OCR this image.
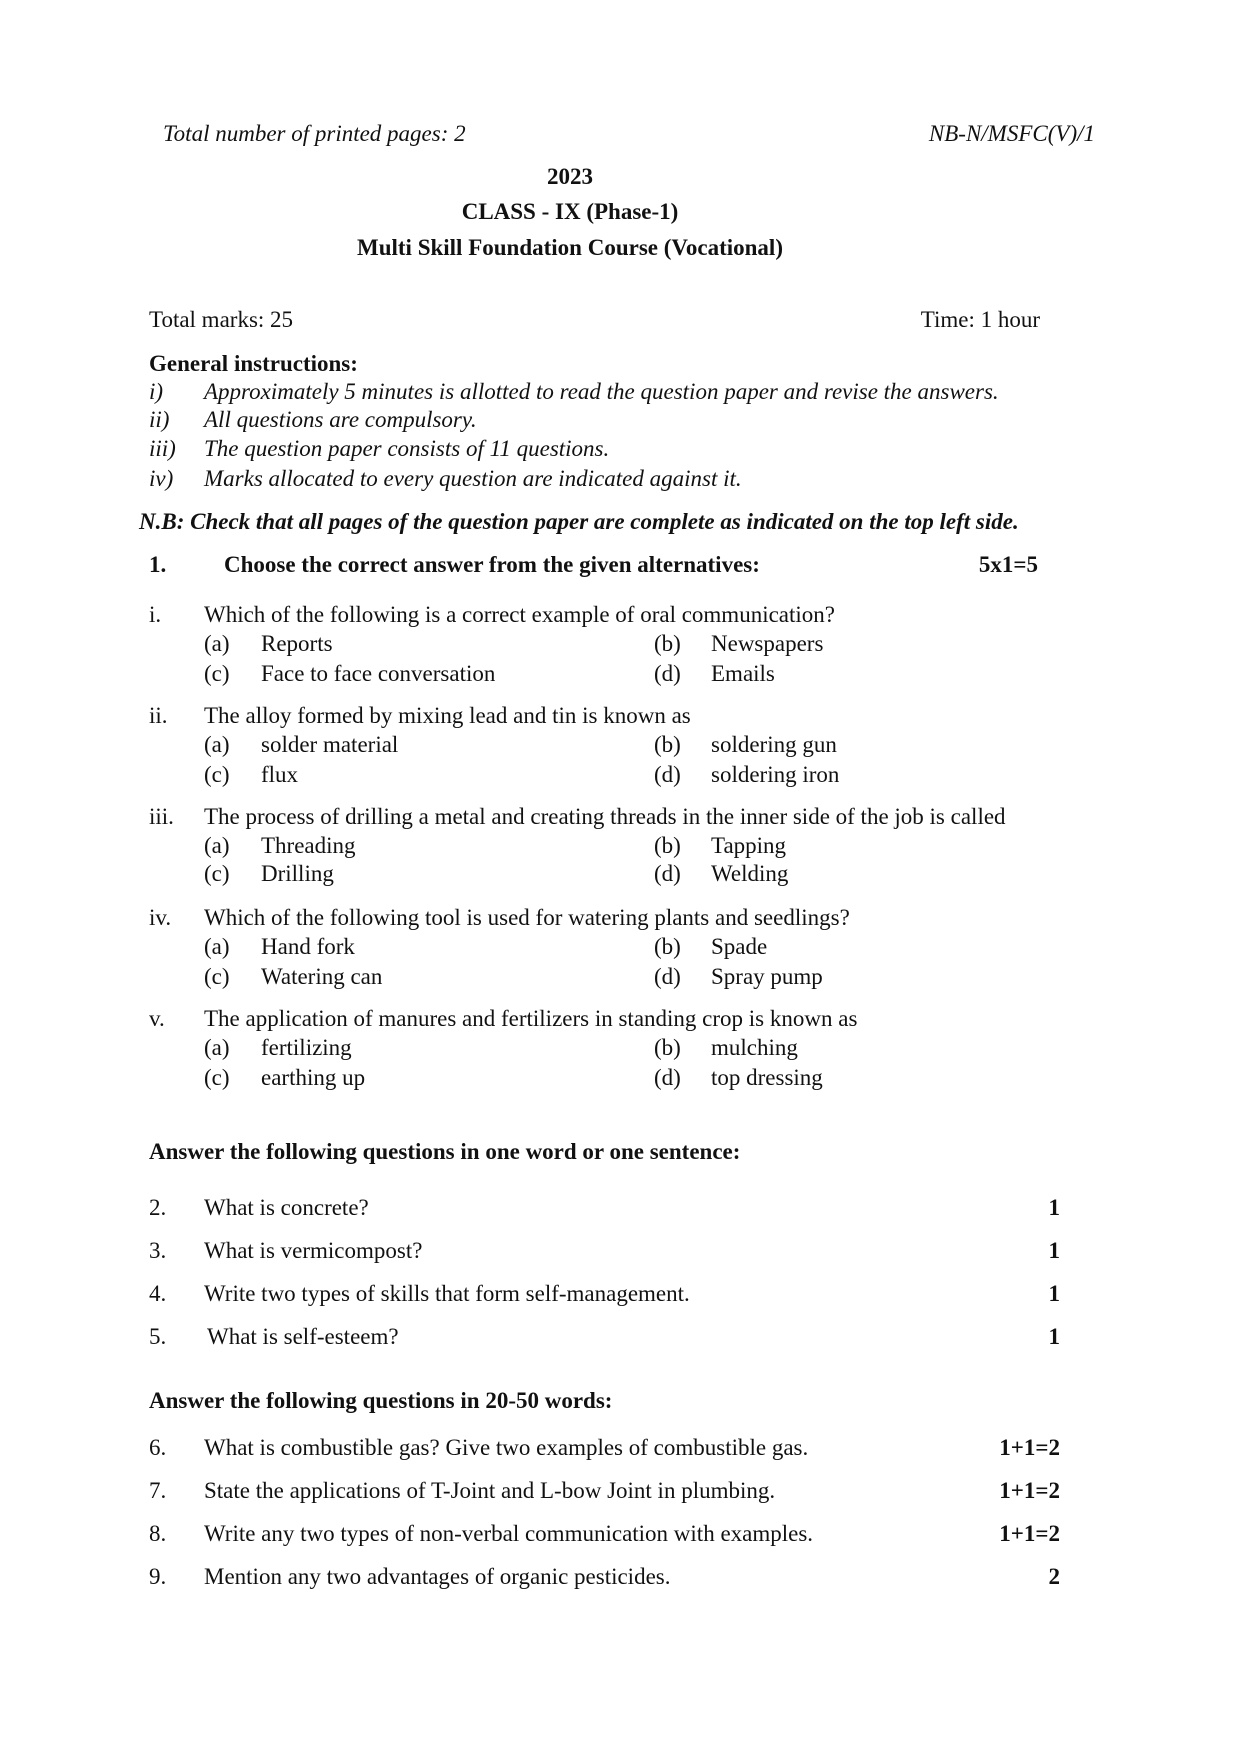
Total number of printed pages: 2	NB-N/MSFC(V)/1
2023
CLASS - IX (Phase-1)
Multi Skill Foundation Course (Vocational)
Total marks: 25	Time: 1 hour
General instructions:
i) Approximately 5 minutes is allotted to read the question paper and revise the answers.
ii) All questions are compulsory.
iii) The question paper consists of 11 questions.
iv) Marks allocated to every question are indicated against it.
N.B: Check that all pages of the question paper are complete as indicated on the top left side.
1.	Choose the correct answer from the given alternatives:	5x1=5
i. Which of the following is a correct example of oral communication?
(a) Reports	(b) Newspapers
(c) Face to face conversation	(d) Emails
ii. The alloy formed by mixing lead and tin is known as
(a) solder material	(b) soldering gun
(c) flux	(d) soldering iron
iii. The process of drilling a metal and creating threads in the inner side of the job is called
(a) Threading	(b) Tapping
(c) Drilling	(d) Welding
iv. Which of the following tool is used for watering plants and seedlings?
(a) Hand fork	(b) Spade
(c) Watering can	(d) Spray pump
v. The application of manures and fertilizers in standing crop is known as
(a) fertilizing	(b) mulching
(c) earthing up	(d) top dressing
Answer the following questions in one word or one sentence:
2. What is concrete?	1
3. What is vermicompost?	1
4. Write two types of skills that form self-management.	1
5. What is self-esteem?	1
Answer the following questions in 20-50 words:
6. What is combustible gas? Give two examples of combustible gas.	1+1=2
7. State the applications of T-Joint and L-bow Joint in plumbing.	1+1=2
8. Write any two types of non-verbal communication with examples.	1+1=2
9. Mention any two advantages of organic pesticides.	2
